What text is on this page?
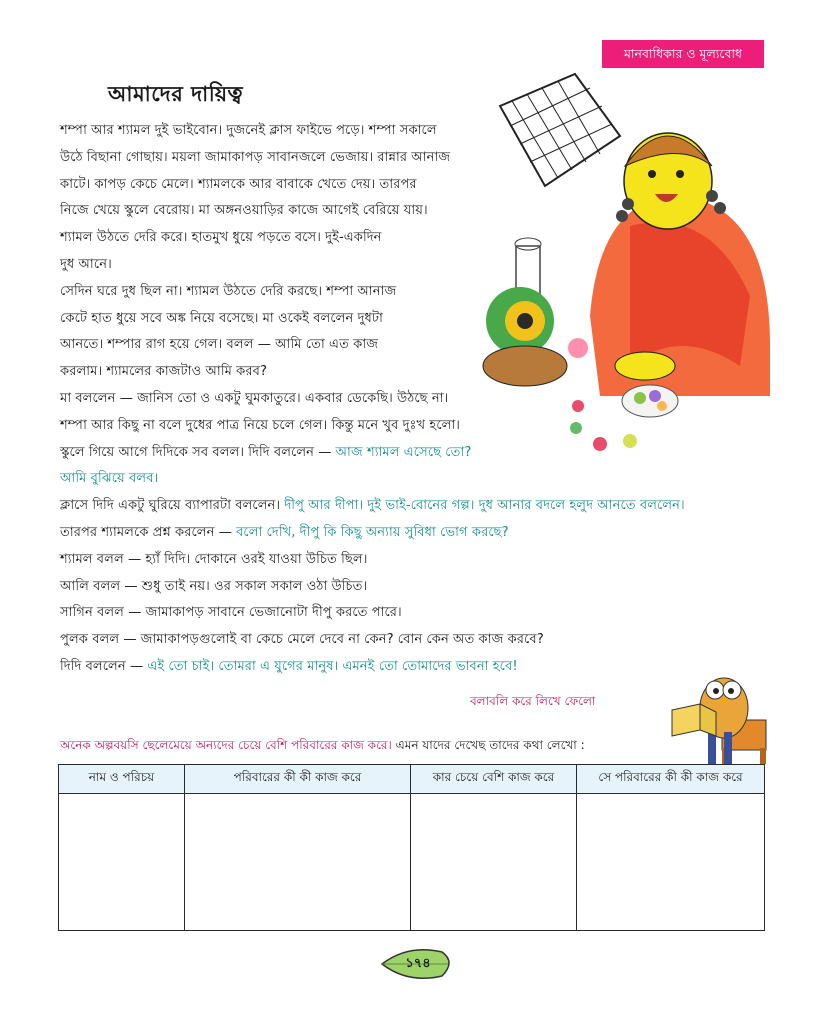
মানবাধিকার ও মূল্যবোধ
আমাদের দায়িত্ব
শম্পা আর শ্যামল দুই ভাইবোন। দুজনেই ক্লাস ফাইভে পড়ে। শম্পা সকালে
উঠে বিছানা গোছায়। ময়লা জামাকাপড় সাবানজলে ভেজায়। রান্নার আনাজ
কাটে। কাপড় কেচে মেলে। শ্যামলকে আর বাবাকে খেতে দেয়। তারপর
নিজে খেয়ে স্কুলে বেরোয়। মা অঙ্গনওয়াড়ির কাজে আগেই বেরিয়ে যায়।
শ্যামল উঠতে দেরি করে। হাতমুখ ধুয়ে পড়তে বসে। দুই-একদিন
দুধ আনে।
সেদিন ঘরে দুধ ছিল না। শ্যামল উঠতে দেরি করছে। শম্পা আনাজ
কেটে হাত ধুয়ে সবে অঙ্ক নিয়ে বসেছে। মা ওকেই বললেন দুধটা
আনতে। শম্পার রাগ হয়ে গেল। বলল — আমি তো এত কাজ
করলাম। শ্যামলের কাজটাও আমি করব?
মা বললেন — জানিস তো ও একটু ঘুমকাতুরে। একবার ডেকেছি। উঠছে না।
শম্পা আর কিছু না বলে দুধের পাত্র নিয়ে চলে গেল। কিন্তু মনে খুব দুঃখ হলো।
স্কুলে গিয়ে আগে দিদিকে সব বলল। দিদি বললেন — আজ শ্যামল এসেছে তো?
আমি বুঝিয়ে বলব।
ক্লাসে দিদি একটু ঘুরিয়ে ব্যাপারটা বললেন। দীপু আর দীপা। দুই ভাই-বোনের গল্প। দুধ আনার বদলে হলুদ আনতে বললেন।
তারপর শ্যামলকে প্রশ্ন করলেন — বলো দেখি, দীপু কি কিছু অন্যায় সুবিধা ভোগ করছে?
শ্যামল বলল — হ্যাঁ দিদি। দোকানে ওরই যাওয়া উচিত ছিল।
আলি বলল — শুধু তাই নয়। ওর সকাল সকাল ওঠা উচিত।
সাগিন বলল — জামাকাপড় সাবানে ভেজানোটা দীপু করতে পারে।
পুলক বলল — জামাকাপড়গুলোই বা কেচে মেলে দেবে না কেন? বোন কেন অত কাজ করবে?
দিদি বললেন — এই তো চাই। তোমরা এ যুগের মানুষ। এমনই তো তোমাদের ভাবনা হবে!
বলাবলি করে লিখে ফেলো
অনেক অল্পবয়সি ছেলেমেয়ে অন্যদের চেয়ে বেশি পরিবারের কাজ করে। এমন যাদের দেখেছ তাদের কথা লেখো :
নাম ও পরিচয়	পরিবারের কী কী কাজ করে	কার চেয়ে বেশি কাজ করে	সে পরিবারের কী কী কাজ করে

১৭৪
